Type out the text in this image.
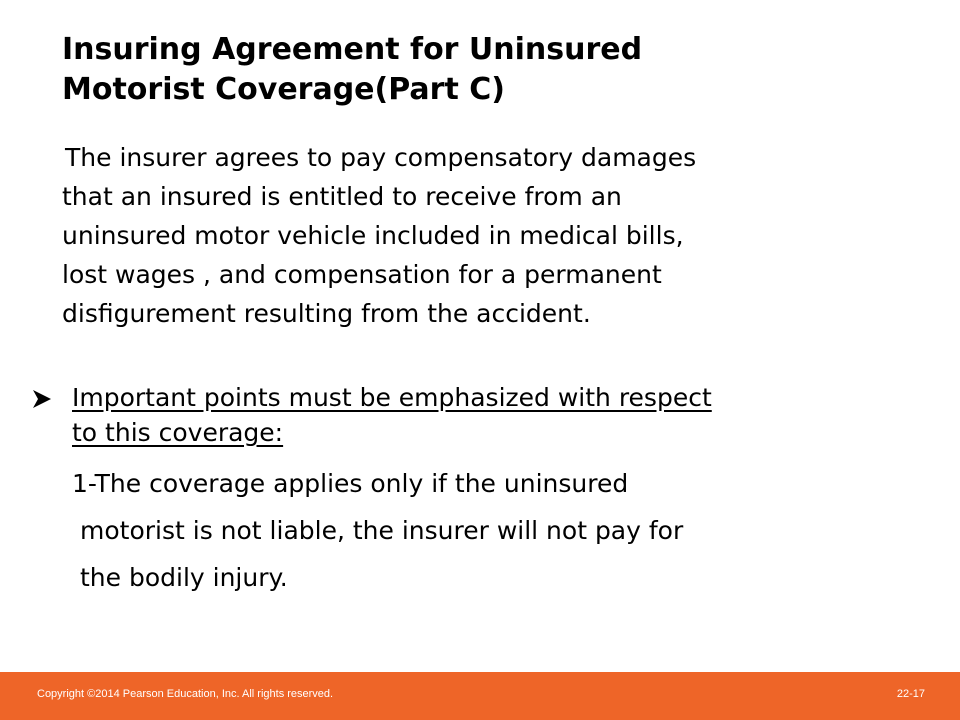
Insuring Agreement for Uninsured
Motorist Coverage(Part C)
The insurer agrees to pay compensatory damages
that an insured is entitled to receive from an
uninsured motor vehicle included in medical bills,
lost wages , and compensation for a permanent
disfigurement resulting from the accident.
Important points must be emphasized with respect
to this coverage:
1-The coverage applies only if the uninsured
motorist is not liable, the insurer will not pay for
the bodily injury.
Copyright ©2014 Pearson Education, Inc. All rights reserved.	22-17
